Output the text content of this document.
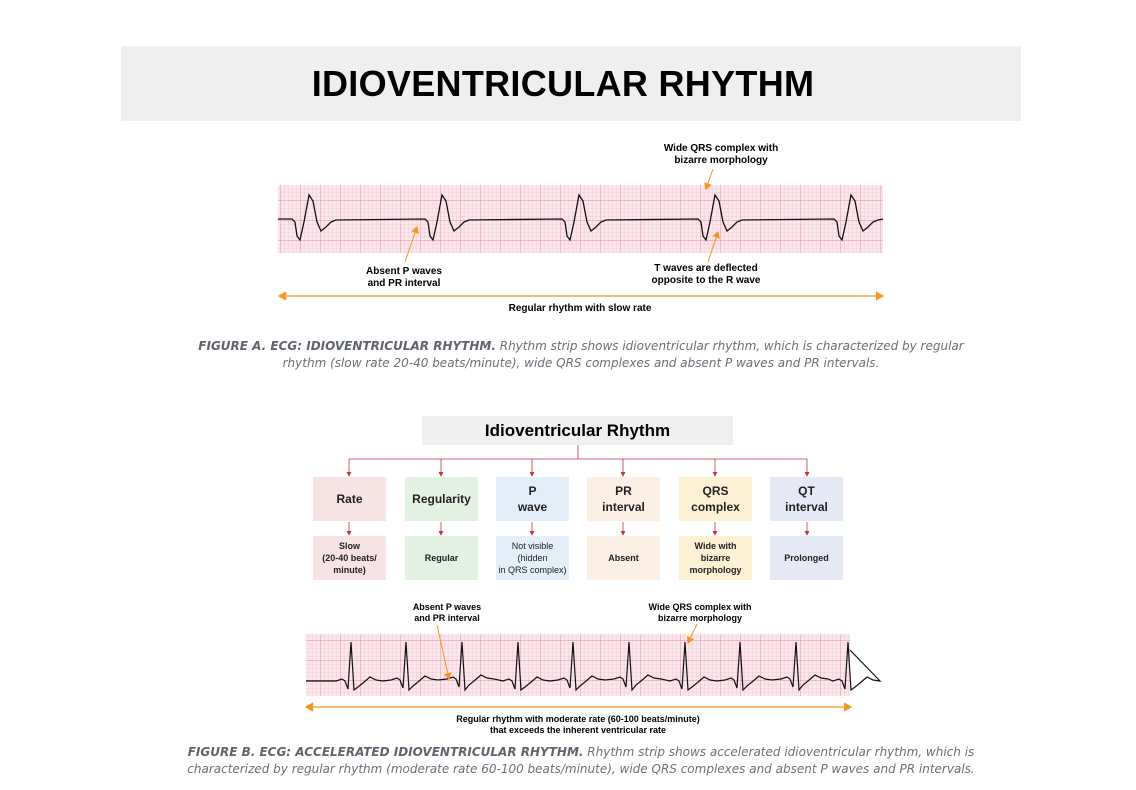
IDIOVENTRICULAR RHYTHM
Wide QRS complex with
bizarre morphology
Absent P waves
and PR interval
T waves are deflected
opposite to the R wave
Regular rhythm with slow rate
FIGURE A. ECG: IDIOVENTRICULAR RHYTHM. Rhythm strip shows idioventricular rhythm, which is characterized by regular rhythm (slow rate 20-40 beats/minute), wide QRS complexes and absent P waves and PR intervals.
Idioventricular Rhythm
Rate
Slow
(20-40 beats/
minute)
Regularity
Regular
P
wave
Not visible (hidden
in QRS complex)
PR
interval
Absent
QRS
complex
Wide with
bizarre
morphology
QT
interval
Prolonged
Absent P waves
and PR interval
Wide QRS complex with
bizarre morphology
Regular rhythm with moderate rate (60-100 beats/minute)
that exceeds the inherent ventricular rate
FIGURE B. ECG: ACCELERATED IDIOVENTRICULAR RHYTHM. Rhythm strip shows accelerated idioventricular rhythm, which is characterized by regular rhythm (moderate rate 60-100 beats/minute), wide QRS complexes and absent P waves and PR intervals.
